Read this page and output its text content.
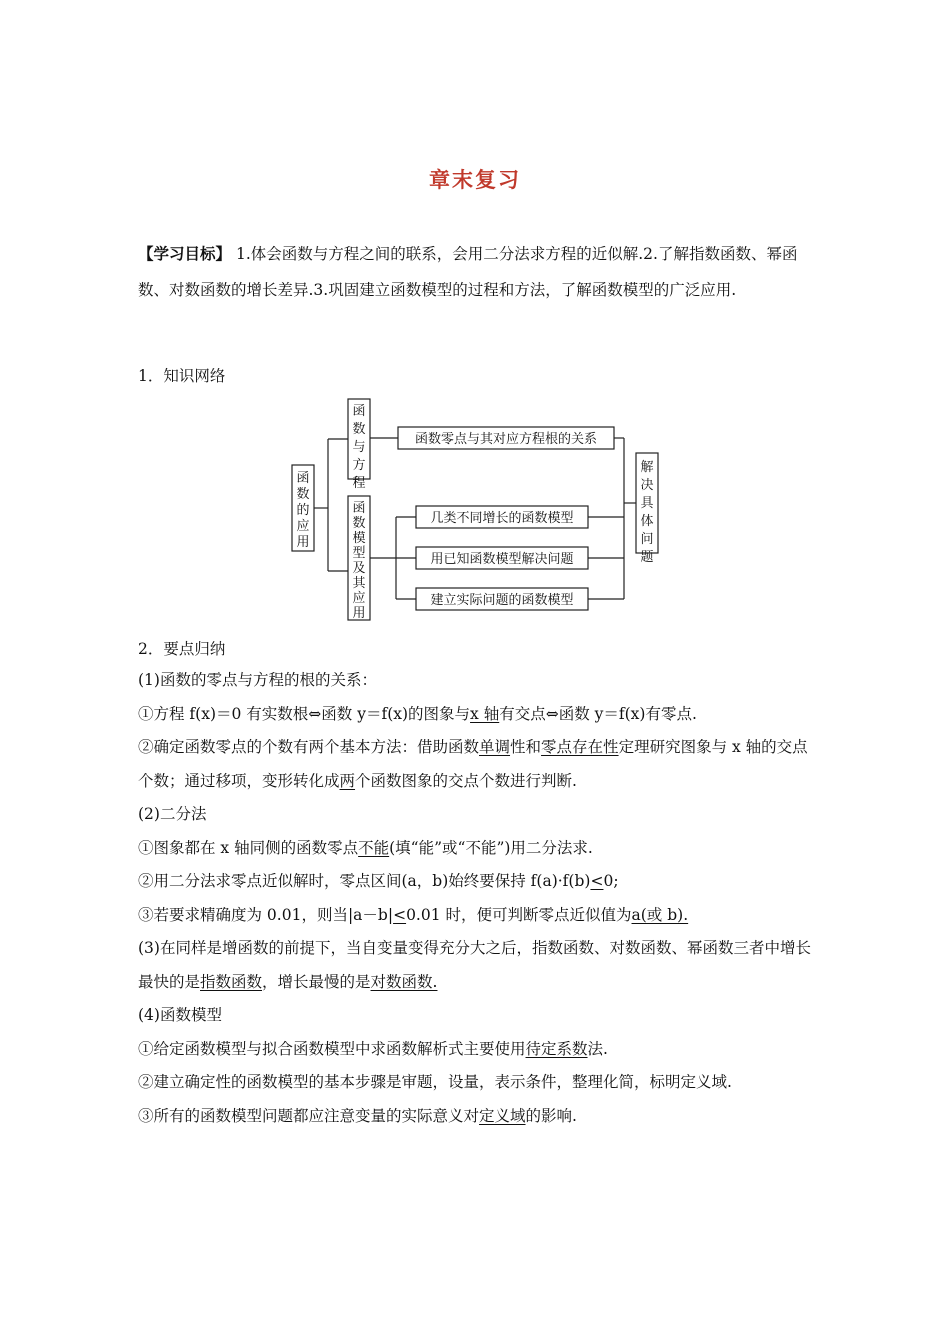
章末复习
【学习目标】 1.体会函数与方程之间的联系，会用二分法求方程的近似解.2.了解指数函数、幂函数、对数函数的增长差异.3.巩固建立函数模型的过程和方法，了解函数模型的广泛应用.
1．知识网络
函数的应用
函数与方程
函数模型及其应用
解决具体问题
函数零点与其对应方程根的关系
几类不同增长的函数模型
用已知函数模型解决问题
建立实际问题的函数模型
2．要点归纳
(1)函数的零点与方程的根的关系：
①方程 f(x)＝0 有实数根⇔函数 y＝f(x)的图象与x 轴有交点⇔函数 y＝f(x)有零点.
②确定函数零点的个数有两个基本方法：借助函数单调性和零点存在性定理研究图象与 x 轴的交点个数；通过移项，变形转化成两个函数图象的交点个数进行判断.
(2)二分法
①图象都在 x 轴同侧的函数零点不能(填“能”或“不能”)用二分法求.
②用二分法求零点近似解时，零点区间(a，b)始终要保持 f(a)·f(b)<0;
③若要求精确度为 0.01，则当|a－b|<0.01 时，便可判断零点近似值为a(或 b).
(3)在同样是增函数的前提下，当自变量变得充分大之后，指数函数、对数函数、幂函数三者中增长最快的是指数函数，增长最慢的是对数函数.
(4)函数模型
①给定函数模型与拟合函数模型中求函数解析式主要使用待定系数法.
②建立确定性的函数模型的基本步骤是审题，设量，表示条件，整理化简，标明定义域.
③所有的函数模型问题都应注意变量的实际意义对定义域的影响.
